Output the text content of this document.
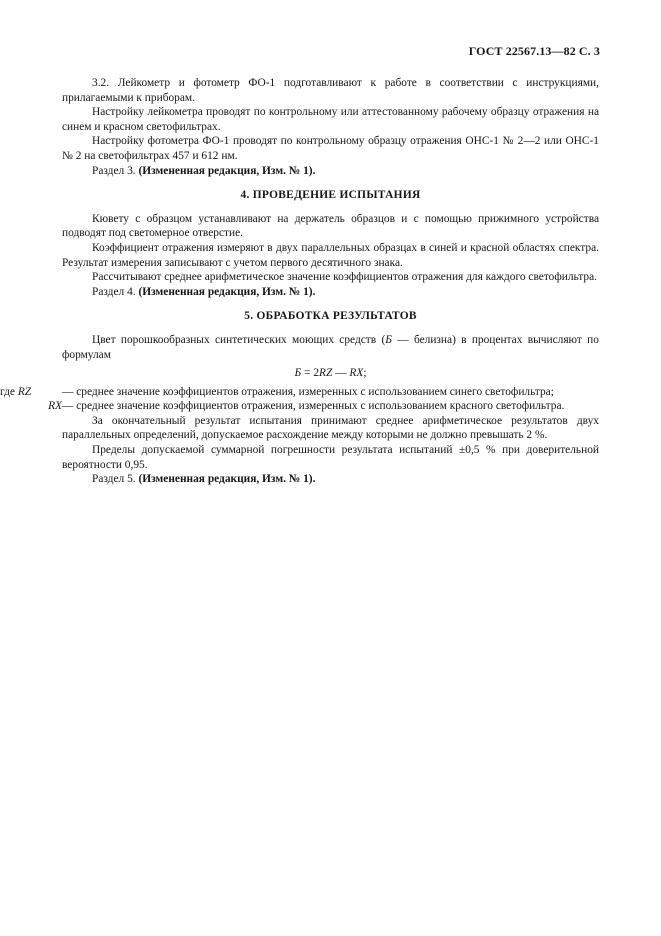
ГОСТ 22567.13—82 С. 3

3.2. Лейкометр и фотометр ФО-1 подготавливают к работе в соответствии с инструкциями, прилагаемыми к приборам.

Настройку лейкометра проводят по контрольному или аттестованному рабочему образцу отражения на синем и красном светофильтрах.

Настройку фотометра ФО-1 проводят по контрольному образцу отражения ОНС-1 № 2—2 или ОНС-1 № 2 на светофильтрах 457 и 612 нм.

Раздел 3. (Измененная редакция, Изм. № 1).

4. ПРОВЕДЕНИЕ ИСПЫТАНИЯ

Кювету с образцом устанавливают на держатель образцов и с помощью прижимного устройства подводят под светомерное отверстие.

Коэффициент отражения измеряют в двух параллельных образцах в синей и красной областях спектра. Результат измерения записывают с учетом первого десятичного знака.

Рассчитывают среднее арифметическое значение коэффициентов отражения для каждого светофильтра.

Раздел 4. (Измененная редакция, Изм. № 1).

5. ОБРАБОТКА РЕЗУЛЬТАТОВ

Цвет порошкообразных синтетических моющих средств (Б — белизна) в процентах вычисляют по формулам

Б = 2RZ — RX;
где RZ	— среднее значение коэффициентов отражения, измеренных с использованием синего светофильтра;
RX — среднее значение коэффициентов отражения, измеренных с использованием красного светофильтра.

За окончательный результат испытания принимают среднее арифметическое результатов двух параллельных определений, допускаемое расхождение между которыми не должно превышать 2 %.

Пределы допускаемой суммарной погрешности результата испытаний ±0,5 % при доверительной вероятности 0,95.

Раздел 5. (Измененная редакция, Изм. № 1).
